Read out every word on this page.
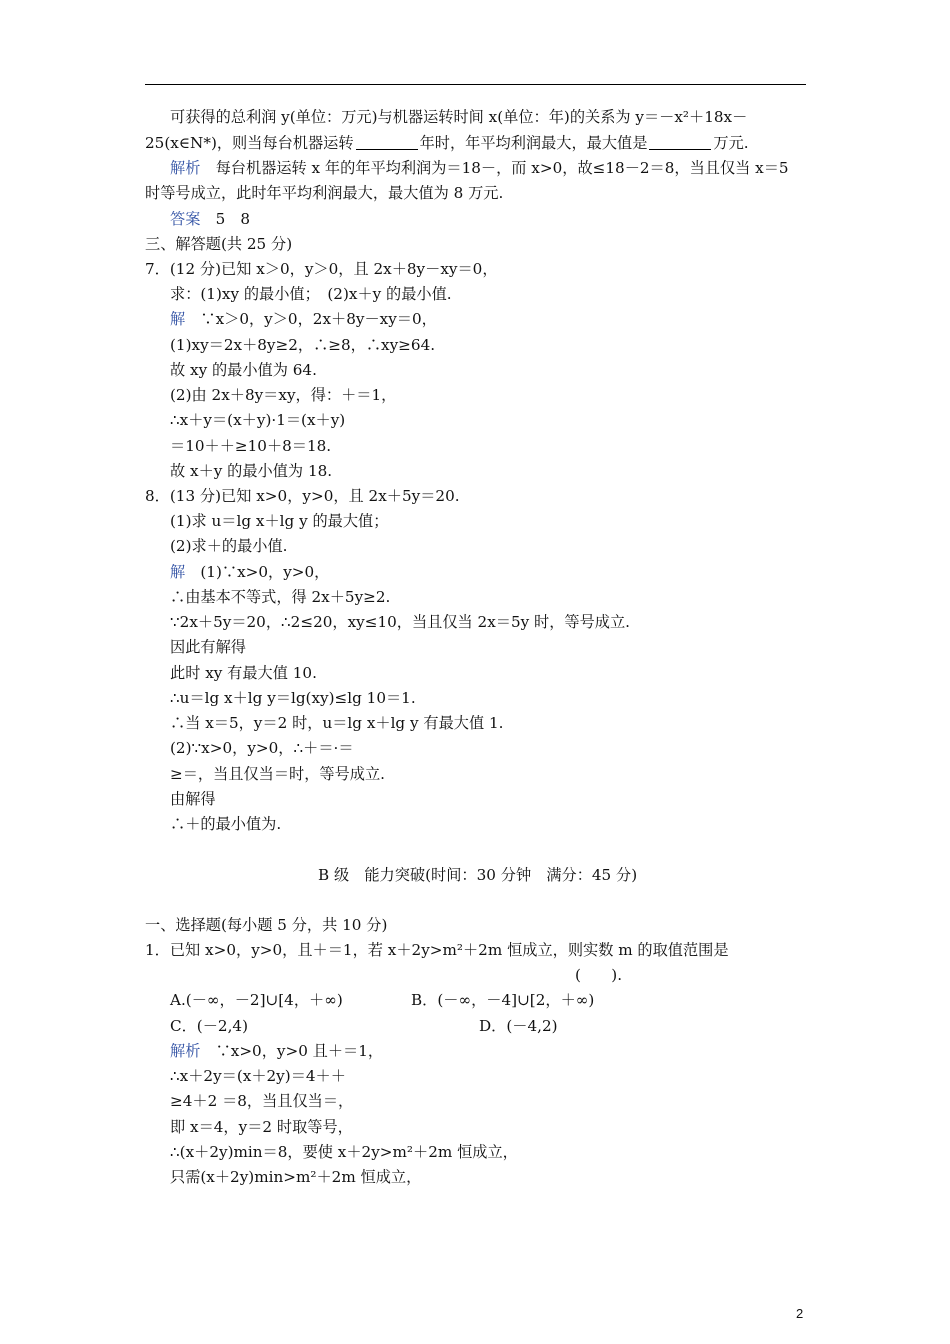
可获得的总利润 y(单位：万元)与机器运转时间 x(单位：年)的关系为 y＝－x²＋18x－
25(x∈N*)，则当每台机器运转	年时，年平均利润最大，最大值是	万元.
解析　每台机器运转 x 年的年平均利润为＝18－，而 x>0，故≤18－2＝8，当且仅当 x＝5
时等号成立，此时年平均利润最大，最大值为 8 万元.
答案　5　8
三、解答题(共 25 分)
7．(12 分)已知 x＞0，y＞0，且 2x＋8y－xy＝0，
求：(1)xy 的最小值；　(2)x＋y 的最小值.
解　∵x＞0，y＞0，2x＋8y－xy＝0，
(1)xy＝2x＋8y≥2，∴≥8，∴xy≥64.
故 xy 的最小值为 64.
(2)由 2x＋8y＝xy，得：＋＝1，
∴x＋y＝(x＋y)·1＝(x＋y)
＝10＋＋≥10＋8＝18.
故 x＋y 的最小值为 18.
8．(13 分)已知 x>0，y>0，且 2x＋5y＝20.
(1)求 u＝lg x＋lg y 的最大值；
(2)求＋的最小值.
解　(1)∵x>0，y>0，
∴由基本不等式，得 2x＋5y≥2.
∵2x＋5y＝20，∴2≤20，xy≤10，当且仅当 2x＝5y 时，等号成立.
因此有解得
此时 xy 有最大值 10.
∴u＝lg x＋lg y＝lg(xy)≤lg 10＝1.
∴当 x＝5，y＝2 时，u＝lg x＋lg y 有最大值 1.
(2)∵x>0，y>0，∴＋＝·＝
≥＝，当且仅当＝时，等号成立.
由解得
∴＋的最小值为.
B 级　能力突破(时间：30 分钟　满分：45 分)
一、选择题(每小题 5 分，共 10 分)
1．已知 x>0，y>0，且＋＝1，若 x＋2y>m²＋2m 恒成立，则实数 m 的取值范围是
(　　).
A.(－∞，－2]∪[4，＋∞)	B．(－∞，－4]∪[2，＋∞)
C．(－2,4)	D．(－4,2)
解析　∵x>0，y>0 且＋＝1，
∴x＋2y＝(x＋2y)＝4＋＋
≥4＋2 ＝8，当且仅当＝，
即 x＝4，y＝2 时取等号，
∴(x＋2y)min＝8，要使 x＋2y>m²＋2m 恒成立，
只需(x＋2y)min>m²＋2m 恒成立，
2
